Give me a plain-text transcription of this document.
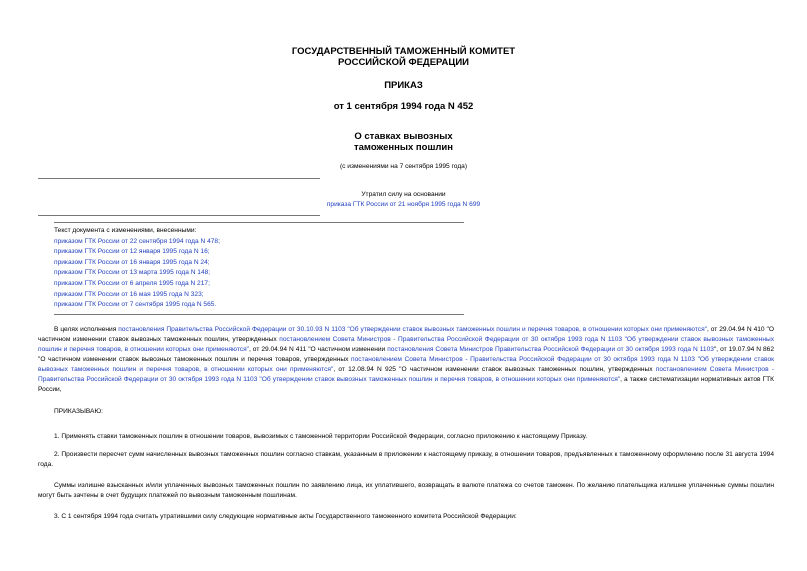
ГОСУДАРСТВЕННЫЙ ТАМОЖЕННЫЙ КОМИТЕТ
РОССИЙСКОЙ ФЕДЕРАЦИИ
ПРИКАЗ
от 1 сентября 1994 года N 452
О ставках вывозных
таможенных пошлин
(с изменениями на 7 сентября 1995 года)
Утратил силу на основании
приказа ГТК России от 21 ноября 1995 года N 699
Текст документа с изменениями, внесенными:
приказом ГТК России от 22 сентября 1994 года N 478;
приказом ГТК России от 12 января 1995 года N 16;
приказом ГТК России от 16 января 1995 года N 24;
приказом ГТК России от 13 марта 1995 года N 148;
приказом ГТК России от 6 апреля 1995 года N 217;
приказом ГТК России от 16 мая 1995 года N 323;
приказом ГТК России от 7 сентября 1995 года N 565.

В целях исполнения постановления Правительства Российской Федерации от 30.10.93 N 1103 "Об утверждении ставок вывозных таможенных пошлин и перечня товаров, в отношении которых они применяются", от 29.04.94 N 410 "О частичном изменении ставок вывозных таможенных пошлин, утвержденных постановлением Совета Министров - Правительства Российской Федерации от 30 октября 1993 года N 1103 "Об утверждении ставок вывозных таможенных пошлин и перечня товаров, в отношении которых они применяются", от 29.04.94 N 411 "О частичном изменении постановления Совета Министров Правительства Российской Федерации от 30 октября 1993 года N 1103", от 19.07.94 N 862 "О частичном изменении ставок вывозных таможенных пошлин и перечня товаров, утвержденных постановлением Совета Министров - Правительства Российской Федерации от 30 октября 1993 года N 1103 "Об утверждении ставок вывозных таможенных пошлин и перечня товаров, в отношении которых они применяются", от 12.08.94 N 925 "О частичном изменении ставок вывозных таможенных пошлин, утвержденных постановлением Совета Министров - Правительства Российской Федерации от 30 октября 1993 года N 1103 "Об утверждении ставок вывозных таможенных пошлин и перечня товаров, в отношении которых они применяются", а также систематизации нормативных актов ГТК России,

ПРИКАЗЫВАЮ:

1. Применять ставки таможенных пошлин в отношении товаров, вывозимых с таможенной территории Российской Федерации, согласно приложению к настоящему Приказу.

2. Произвести пересчет сумм начисленных вывозных таможенных пошлин согласно ставкам, указанным в приложении к настоящему приказу, в отношении товаров, предъявленных к таможенному оформлению после 31 августа 1994 года.

Суммы излишне взысканных и/или уплаченных вывозных таможенных пошлин по заявлению лица, их уплатившего, возвращать в валюте платежа со счетов таможен. По желанию плательщика излишне уплаченные суммы пошлин могут быть зачтены в счет будущих платежей по вывозным таможенным пошлинам.

3. С 1 сентября 1994 года считать утратившими силу следующие нормативные акты Государственного таможенного комитета Российской Федерации:
